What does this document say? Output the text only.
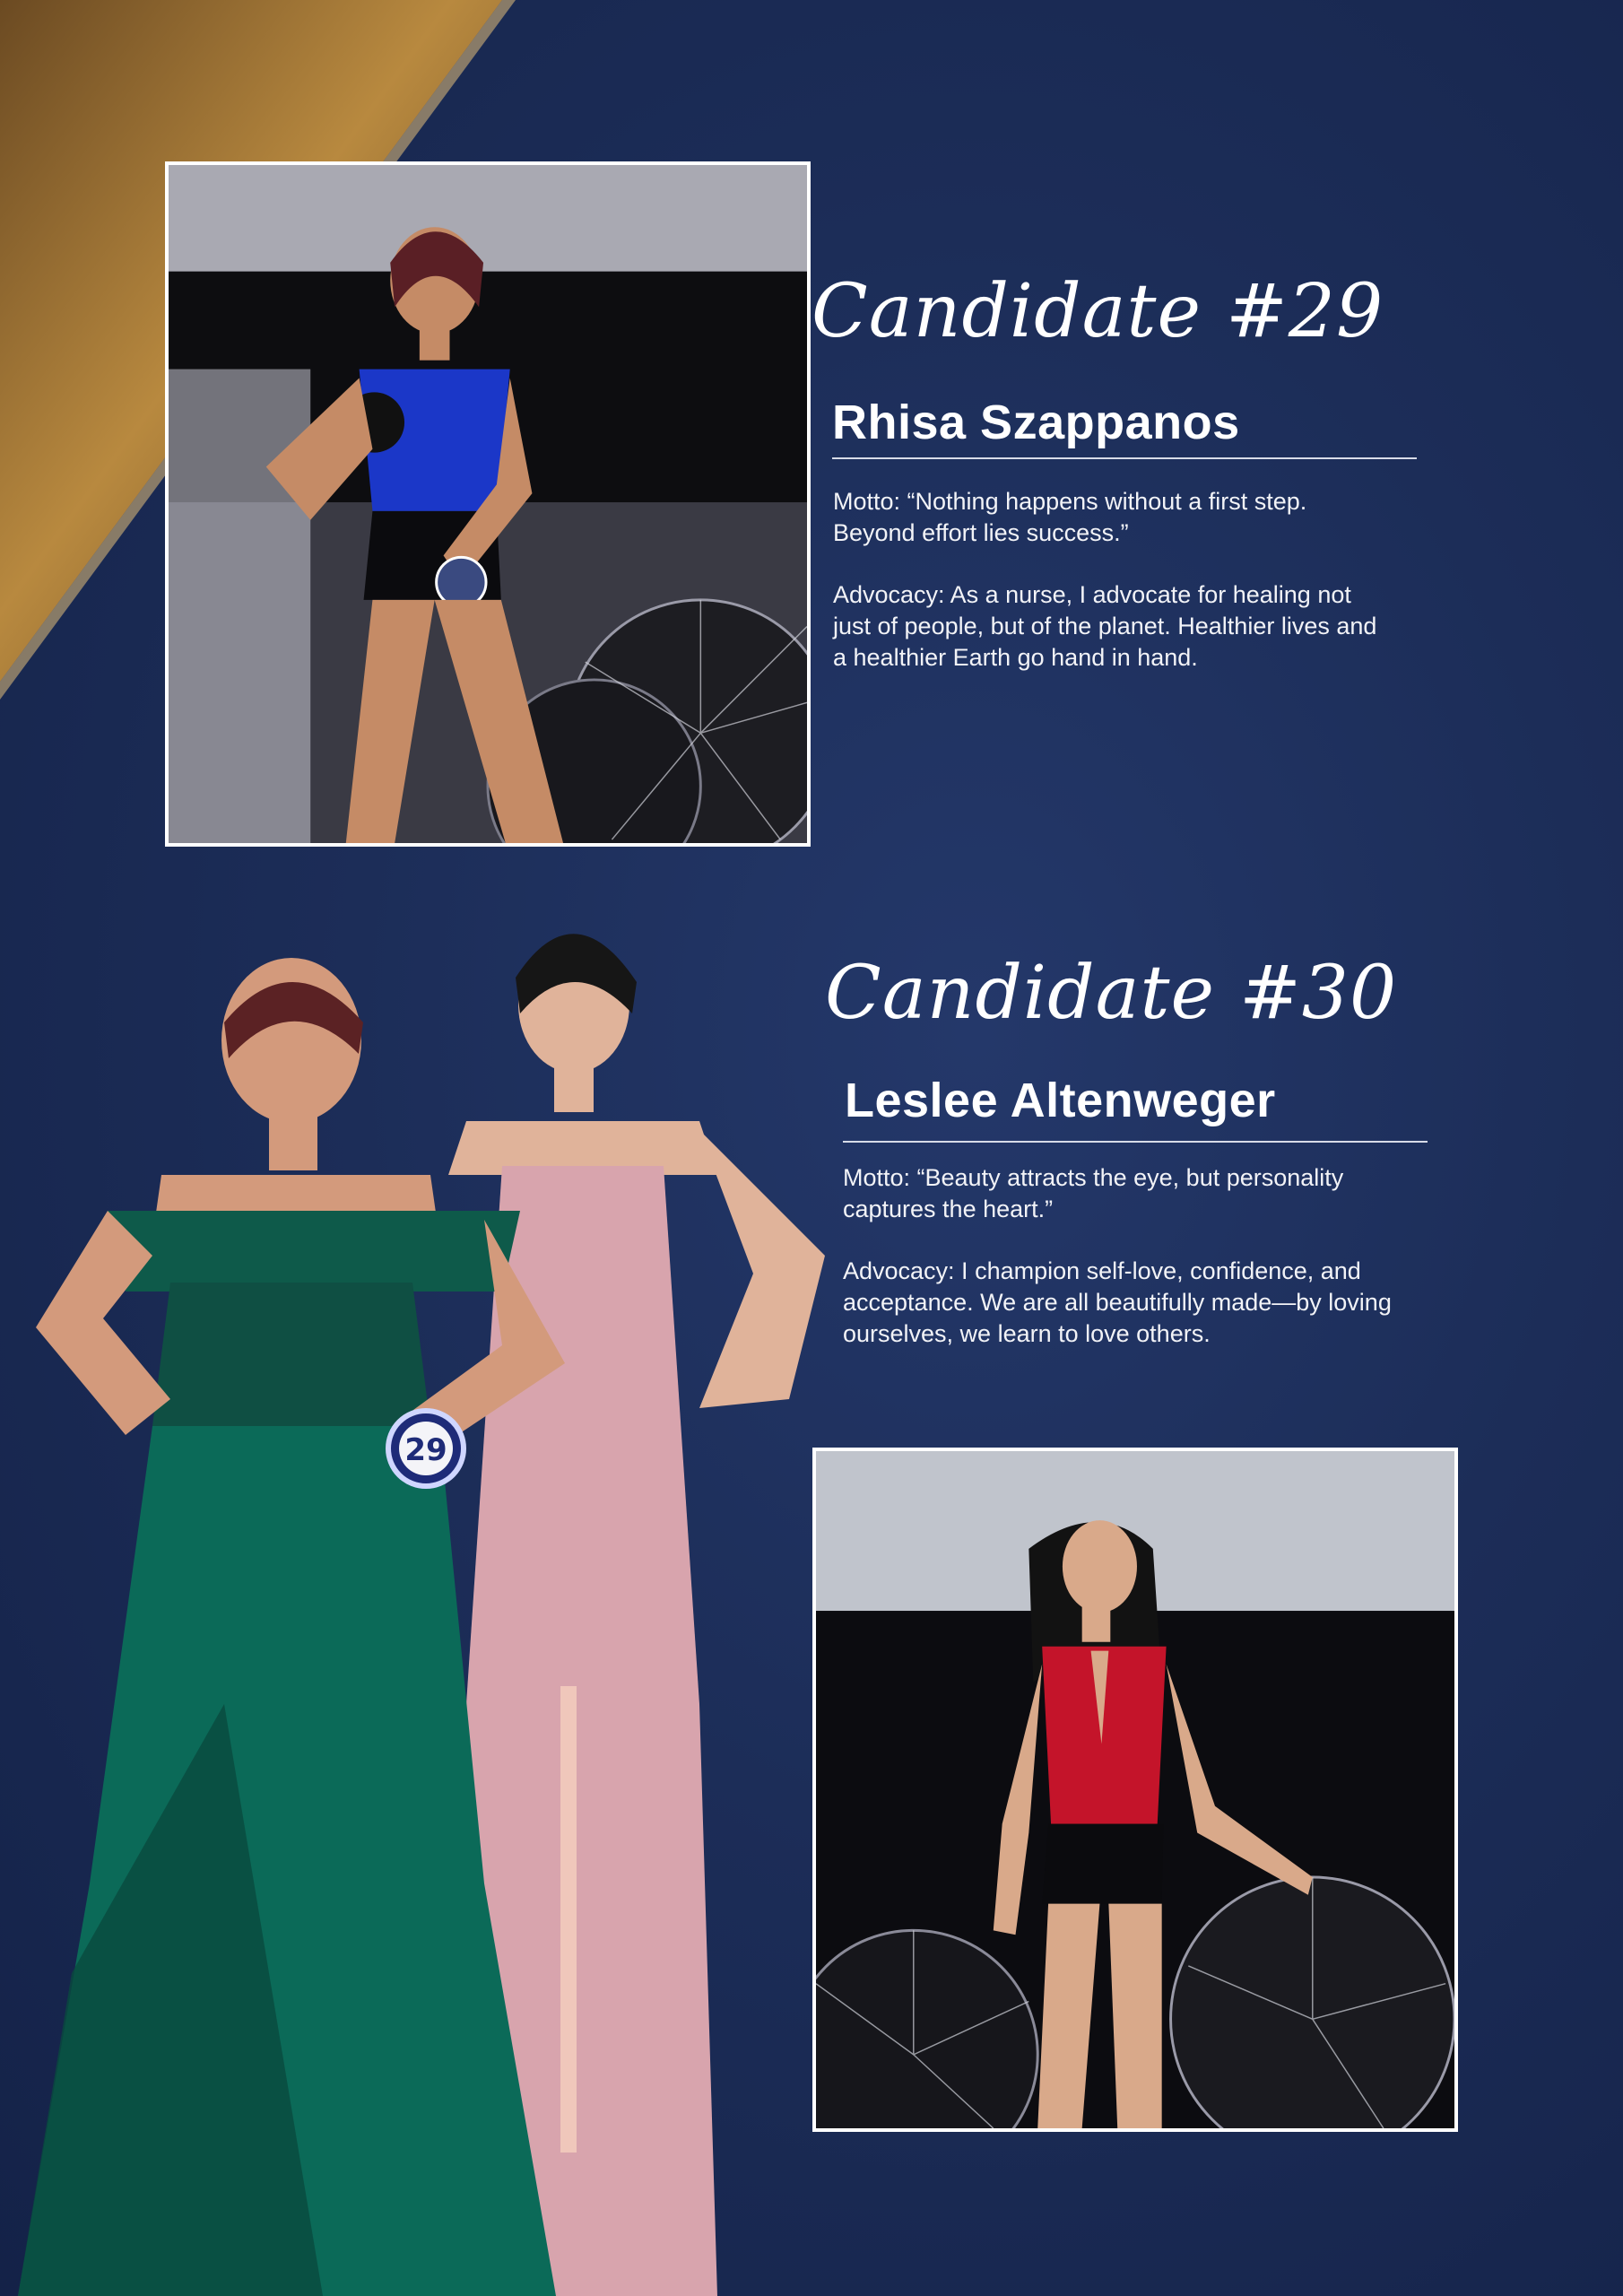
Candidate #29
Rhisa Szappanos

Motto: “Nothing happens without a first step. Beyond effort lies success.”

Advocacy: As a nurse, I advocate for healing not just of people, but of the planet. Healthier lives and a healthier Earth go hand in hand.

29
Candidate #30
Leslee Altenweger

Motto: “Beauty attracts the eye, but personality captures the heart.”

Advocacy: I champion self-love, confidence, and acceptance. We are all beautifully made—by loving ourselves, we learn to love others.
